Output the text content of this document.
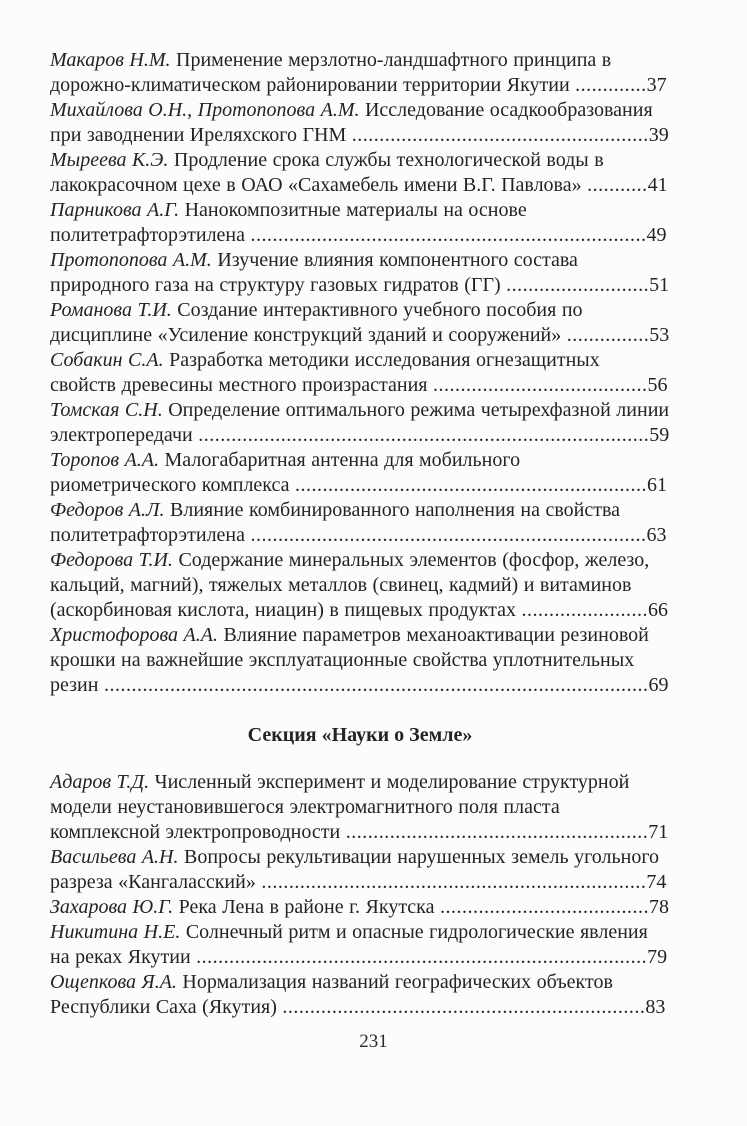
Макаров Н.М. Применение мерзлотно-ландшафтного принципа в дорожно-климатическом районировании территории Якутии .............37

Михайлова О.Н., Протопопова А.М. Исследование осадкообразования при заводнении Иреляхского ГНМ ......................................................39

Мыреева К.Э. Продление срока службы технологической воды в лакокрасочном цехе в ОАО «Сахамебель имени В.Г. Павлова» ...........41

Парникова А.Г. Нанокомпозитные материалы на основе политетрафторэтилена ........................................................................49

Протопопова А.М. Изучение влияния компонентного состава природного газа на структуру газовых гидратов (ГГ) ..........................51

Романова Т.И. Создание интерактивного учебного пособия по дисциплине «Усиление конструкций зданий и сооружений» ...............53

Собакин С.А. Разработка методики исследования огнезащитных свойств древесины местного произрастания .......................................56

Томская С.Н. Определение оптимального режима четырехфазной линии электропередачи ..................................................................................59

Торопов А.А. Малогабаритная антенна для мобильного риометрического комплекса ................................................................61

Федоров А.Л. Влияние комбинированного наполнения на свойства политетрафторэтилена ........................................................................63

Федорова Т.И. Содержание минеральных элементов (фосфор, железо, кальций, магний), тяжелых металлов (свинец, кадмий) и витаминов (аскорбиновая кислота, ниацин) в пищевых продуктах .......................66

Христофорова А.А. Влияние параметров механоактивации резиновой крошки на важнейшие эксплуатационные свойства уплотнительных резин ...................................................................................................69

Секция «Науки о Земле»

Адаров Т.Д. Численный эксперимент и моделирование структурной модели неустановившегося электромагнитного поля пласта комплексной электропроводности .......................................................71

Васильева А.Н. Вопросы рекультивации нарушенных земель угольного разреза «Кангаласский» ......................................................................74

Захарова Ю.Г. Река Лена в районе г. Якутска ......................................78

Никитина Н.Е. Солнечный ритм и опасные гидрологические явления на реках Якутии ..................................................................................79

Ощепкова Я.А. Нормализация названий географических объектов Республики Саха (Якутия) ..................................................................83

231
